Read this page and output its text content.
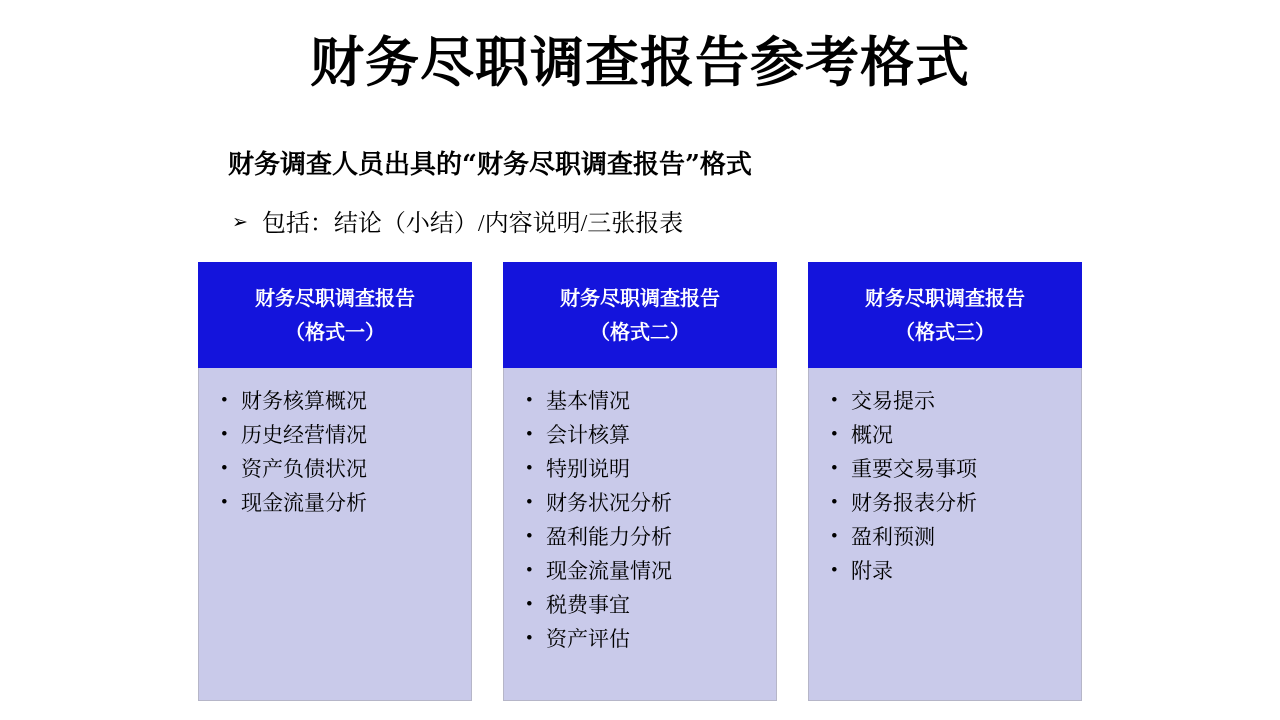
财务尽职调查报告参考格式
财务调查人员出具的“财务尽职调查报告”格式
➢ 包括：结论（小结）/内容说明/三张报表
财务尽职调查报告
（格式一）
• 财务核算概况
• 历史经营情况
• 资产负债状况
• 现金流量分析
财务尽职调查报告
（格式二）
• 基本情况
• 会计核算
• 特别说明
• 财务状况分析
• 盈利能力分析
• 现金流量情况
• 税费事宜
• 资产评估
财务尽职调查报告
（格式三）
• 交易提示
• 概况
• 重要交易事项
• 财务报表分析
• 盈利预测
• 附录
